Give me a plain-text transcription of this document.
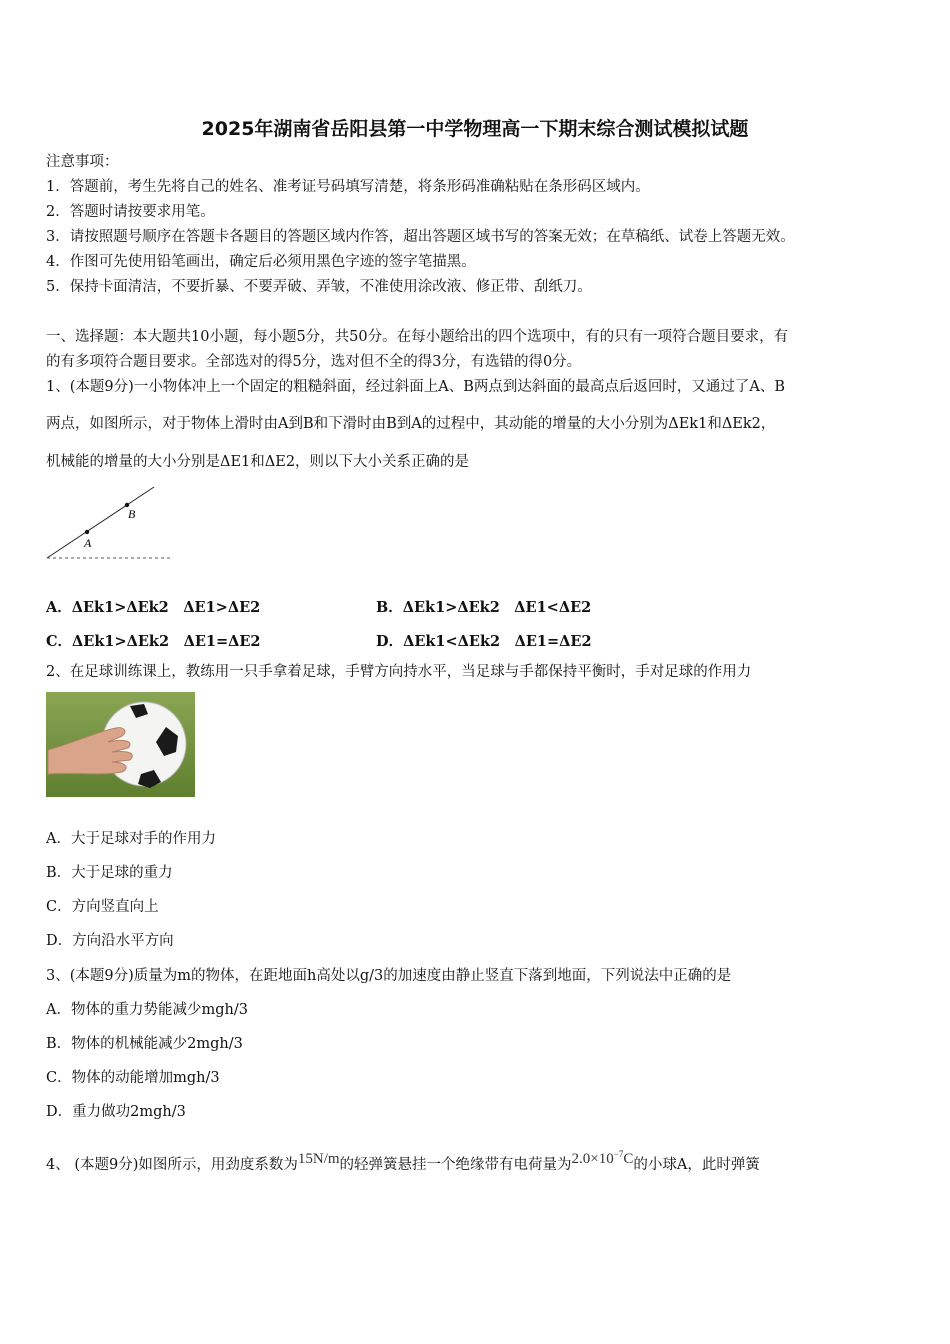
2025年湖南省岳阳县第一中学物理高一下期末综合测试模拟试题
注意事项：
1．答题前，考生先将自己的姓名、准考证号码填写清楚，将条形码准确粘贴在条形码区域内。
2．答题时请按要求用笔。
3．请按照题号顺序在答题卡各题目的答题区域内作答，超出答题区域书写的答案无效；在草稿纸、试卷上答题无效。
4．作图可先使用铅笔画出，确定后必须用黑色字迹的签字笔描黑。
5．保持卡面清洁，不要折暴、不要弄破、弄皱，不准使用涂改液、修正带、刮纸刀。
一、选择题：本大题共10小题，每小题5分，共50分。在每小题给出的四个选项中，有的只有一项符合题目要求，有
的有多项符合题目要求。全部选对的得5分，选对但不全的得3分，有选错的得0分。
1、(本题9分)一小物体冲上一个固定的粗糙斜面，经过斜面上A、B两点到达斜面的最高点后返回时，又通过了A、B
两点，如图所示，对于物体上滑时由A到B和下滑时由B到A的过程中，其动能的增量的大小分别为ΔEk1和ΔEk2，
机械能的增量的大小分别是ΔE1和ΔE2，则以下大小关系正确的是
A
B
A．ΔEk1>ΔEk2　ΔE1>ΔE2	B．ΔEk1>ΔEk2　ΔE1<ΔE2
C．ΔEk1>ΔEk2　ΔE1=ΔE2	D．ΔEk1<ΔEk2　ΔE1=ΔE2
2、在足球训练课上，教练用一只手拿着足球，手臂方向持水平，当足球与手都保持平衡时，手对足球的作用力
A．大于足球对手的作用力
B．大于足球的重力
C．方向竖直向上
D．方向沿水平方向
3、(本题9分)质量为m的物体，在距地面h高处以g/3的加速度由静止竖直下落到地面，下列说法中正确的是
A．物体的重力势能减少mgh/3
B．物体的机械能减少2mgh/3
C．物体的动能增加mgh/3
D．重力做功2mgh/3
4、 (本题9分)如图所示，用劲度系数为15N/m的轻弹簧悬挂一个绝缘带有电荷量为$2.0\times 10^{-7}C$的小球A，此时弹簧
